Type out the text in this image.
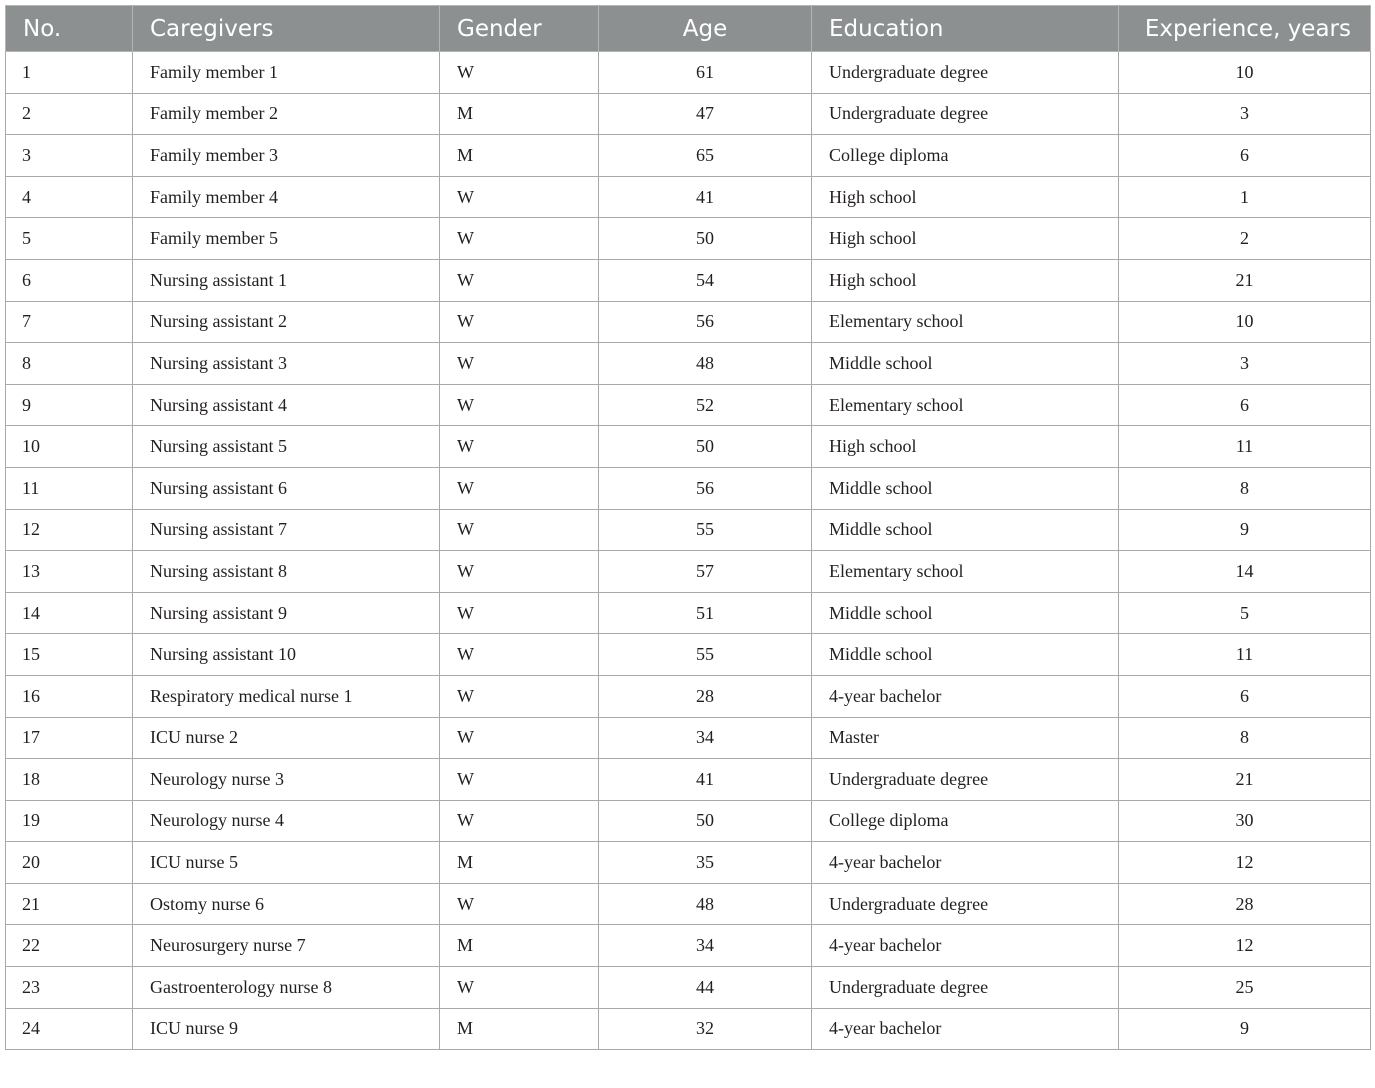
No.	Caregivers	Gender	Age	Education	Experience, years
1	Family member 1	W	61	Undergraduate degree	10
2	Family member 2	M	47	Undergraduate degree	3
3	Family member 3	M	65	College diploma	6
4	Family member 4	W	41	High school	1
5	Family member 5	W	50	High school	2
6	Nursing assistant 1	W	54	High school	21
7	Nursing assistant 2	W	56	Elementary school	10
8	Nursing assistant 3	W	48	Middle school	3
9	Nursing assistant 4	W	52	Elementary school	6
10	Nursing assistant 5	W	50	High school	11
11	Nursing assistant 6	W	56	Middle school	8
12	Nursing assistant 7	W	55	Middle school	9
13	Nursing assistant 8	W	57	Elementary school	14
14	Nursing assistant 9	W	51	Middle school	5
15	Nursing assistant 10	W	55	Middle school	11
16	Respiratory medical nurse 1	W	28	4-year bachelor	6
17	ICU nurse 2	W	34	Master	8
18	Neurology nurse 3	W	41	Undergraduate degree	21
19	Neurology nurse 4	W	50	College diploma	30
20	ICU nurse 5	M	35	4-year bachelor	12
21	Ostomy nurse 6	W	48	Undergraduate degree	28
22	Neurosurgery nurse 7	M	34	4-year bachelor	12
23	Gastroenterology nurse 8	W	44	Undergraduate degree	25
24	ICU nurse 9	M	32	4-year bachelor	9
